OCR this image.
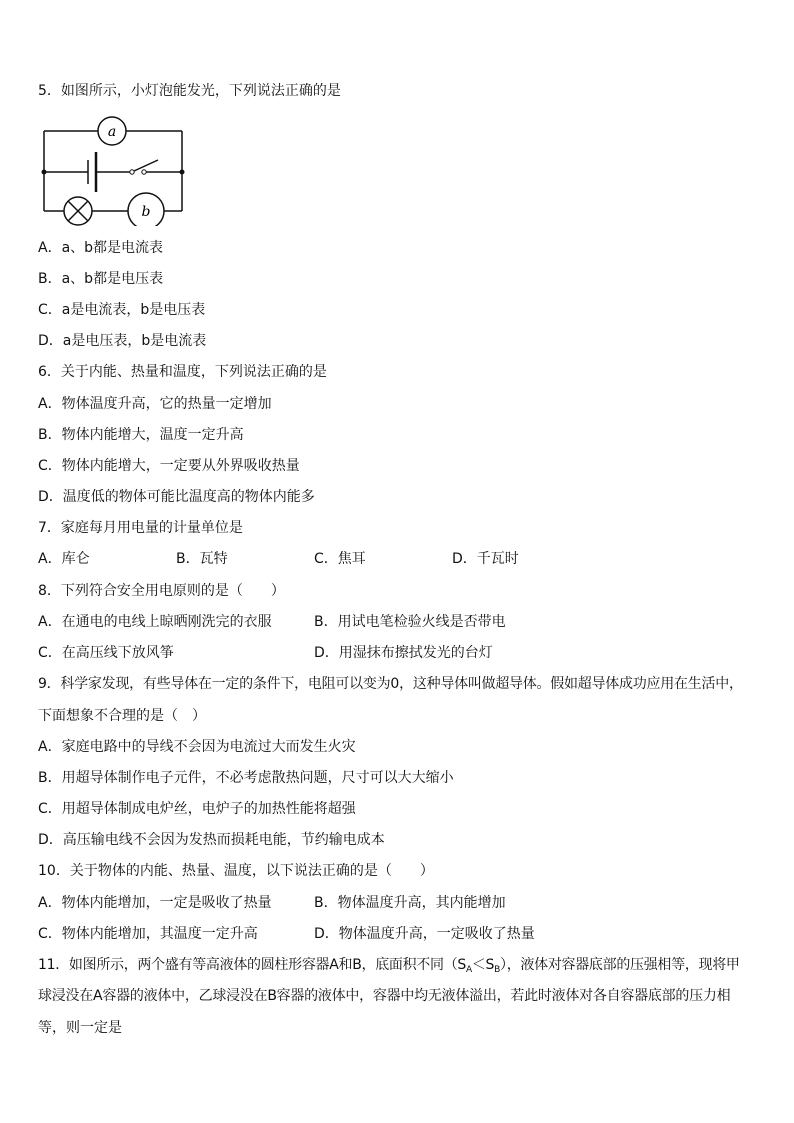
5．如图所示，小灯泡能发光，下列说法正确的是
a
b
A．a、b都是电流表
B．a、b都是电压表
C．a是电流表，b是电压表
D．a是电压表，b是电流表
6．关于内能、热量和温度，下列说法正确的是
A．物体温度升高，它的热量一定增加
B．物体内能增大，温度一定升高
C．物体内能增大，一定要从外界吸收热量
D．温度低的物体可能比温度高的物体内能多
7．家庭每月用电量的计量单位是
A．库仑	B．瓦特	C．焦耳	D．千瓦时
8．下列符合安全用电原则的是（　　）
A．在通电的电线上晾晒刚洗完的衣服	B．用试电笔检验火线是否带电
C．在高压线下放风筝	D．用湿抹布擦拭发光的台灯
9．科学家发现，有些导体在一定的条件下，电阻可以变为0，这种导体叫做超导体。假如超导体成功应用在生活中，
下面想象不合理的是（　）
A．家庭电路中的导线不会因为电流过大而发生火灾
B．用超导体制作电子元件，不必考虑散热问题，尺寸可以大大缩小
C．用超导体制成电炉丝，电炉子的加热性能将超强
D．高压输电线不会因为发热而损耗电能，节约输电成本
10．关于物体的内能、热量、温度，以下说法正确的是（　　）
A．物体内能增加，一定是吸收了热量	B．物体温度升高，其内能增加
C．物体内能增加，其温度一定升高	D．物体温度升高，一定吸收了热量
11．如图所示，两个盛有等高液体的圆柱形容器A和B，底面积不同$(S_A<S_B)$，液体对容器底部的压强相等，现将甲
球浸没在A容器的液体中，乙球浸没在B容器的液体中，容器中均无液体溢出，若此时液体对各自容器底部的压力相
等，则一定是
